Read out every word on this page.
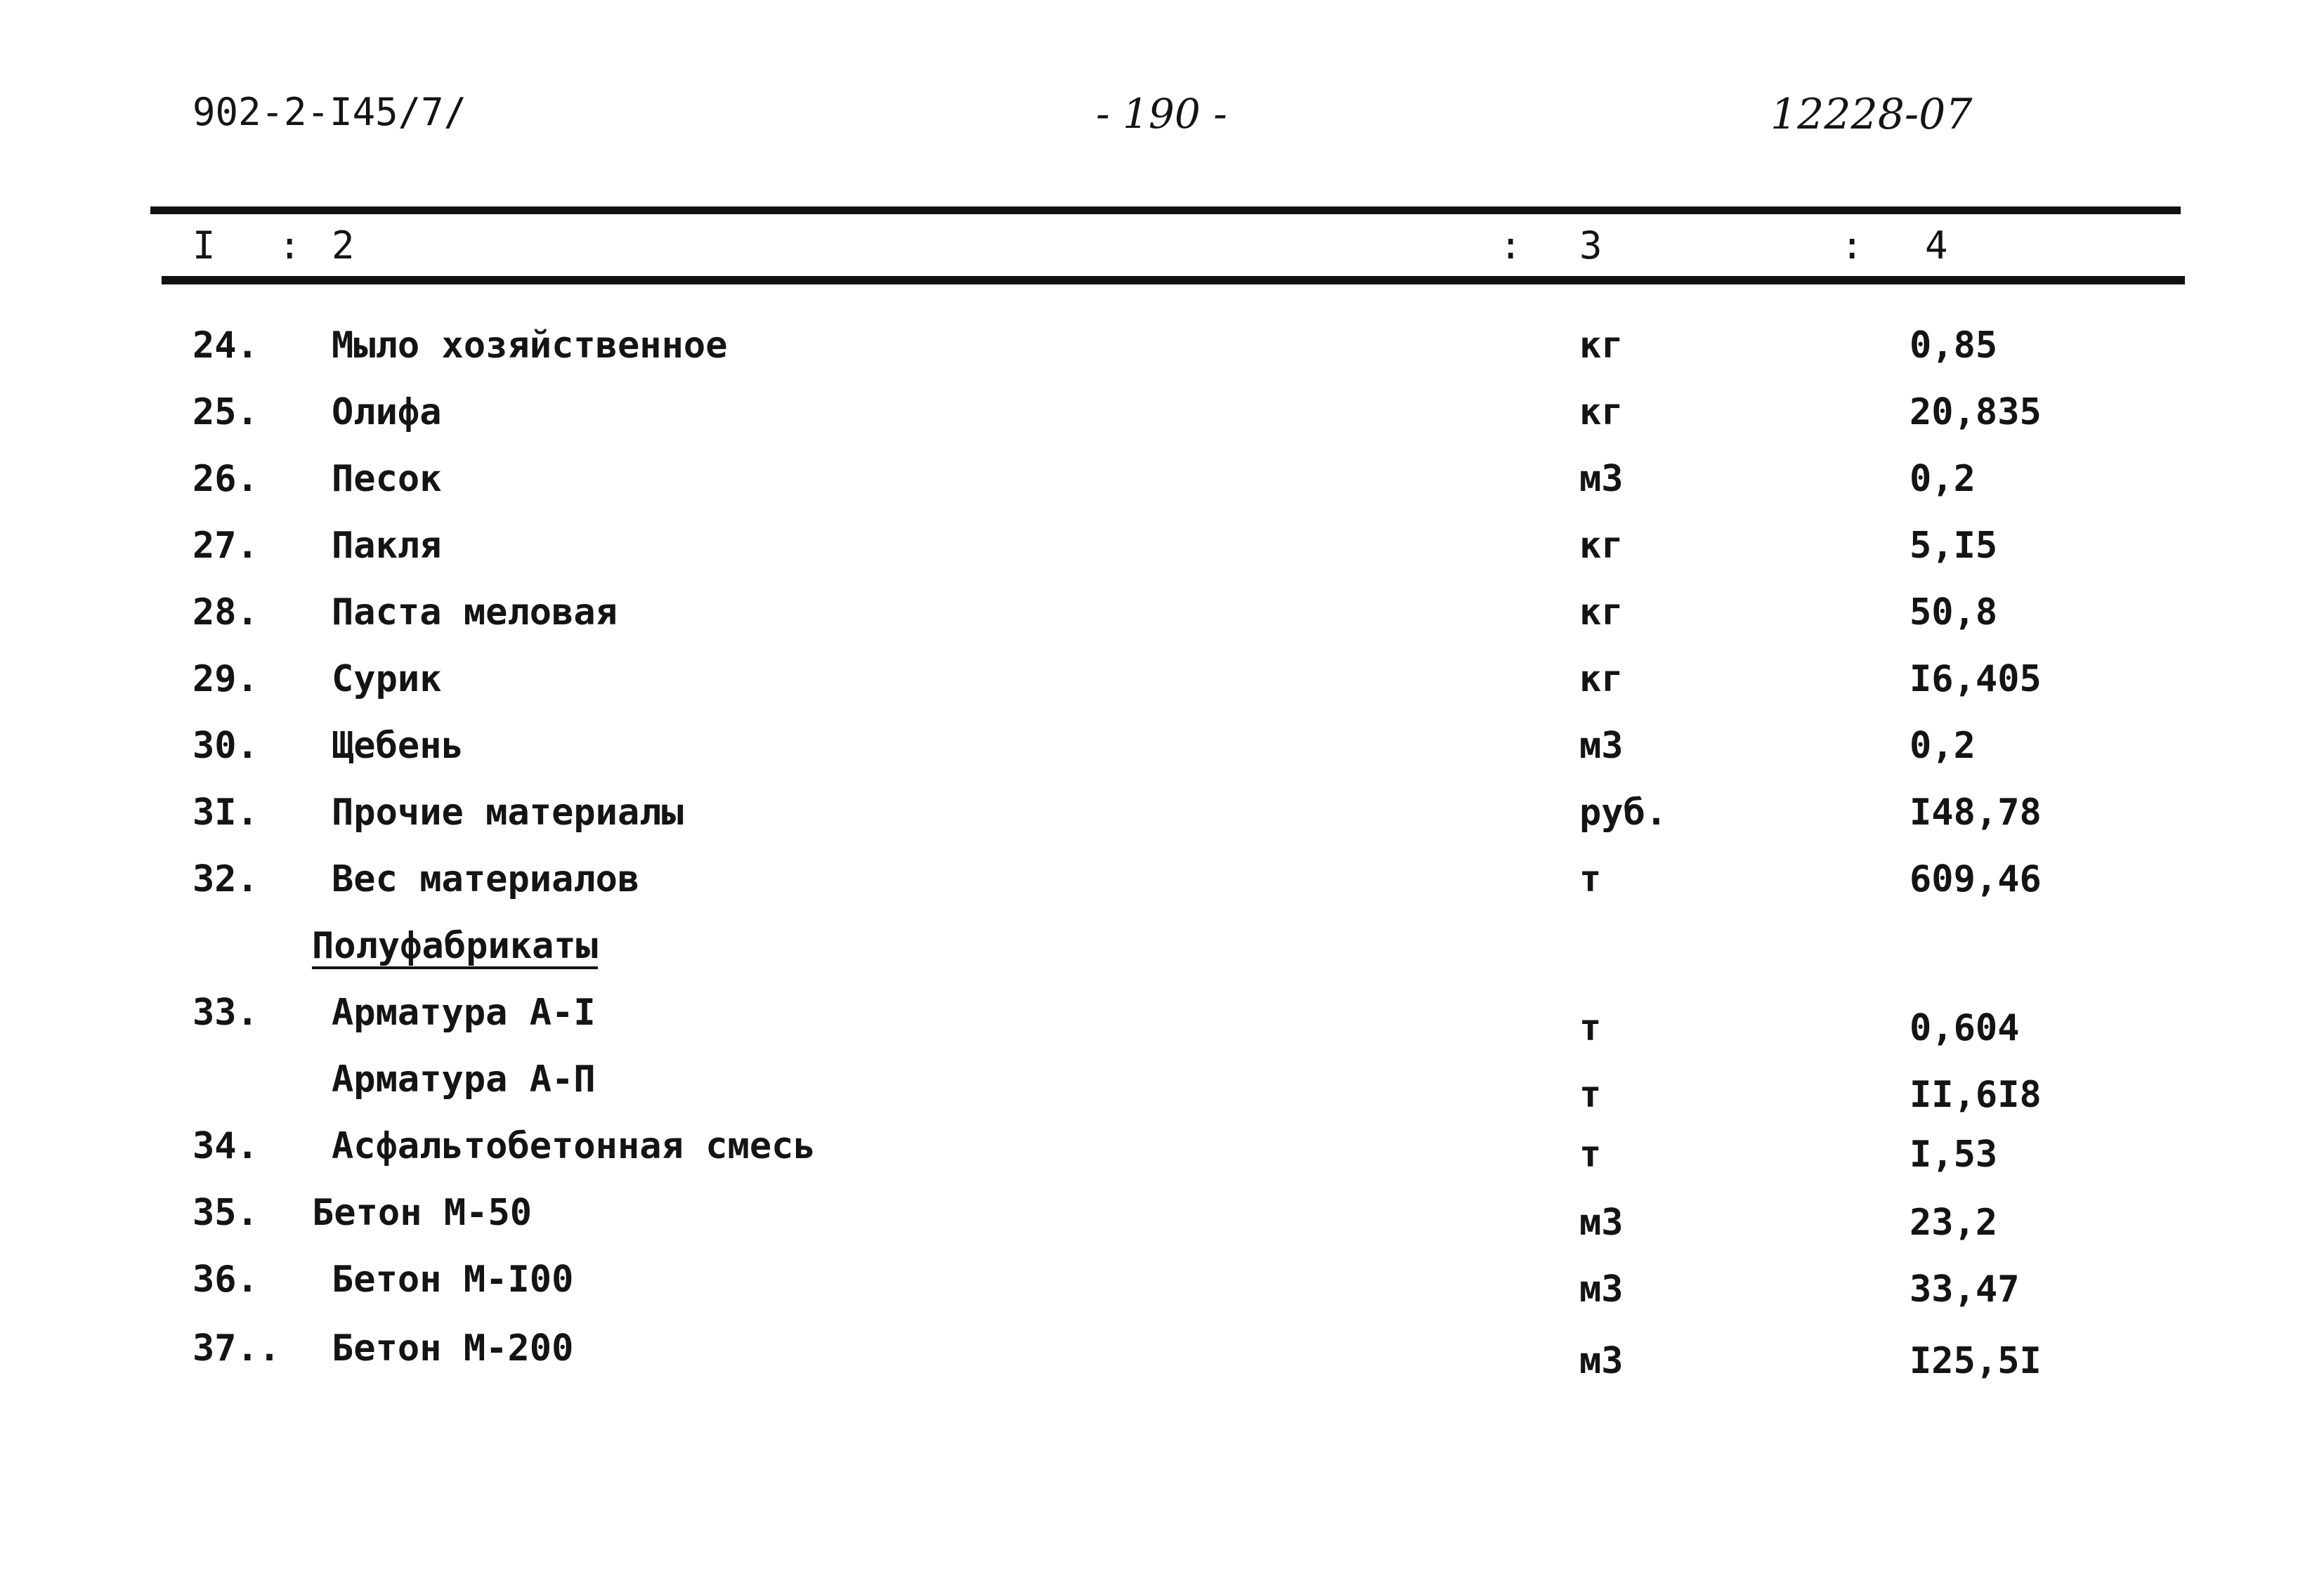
902-2-I45/7/	- 190 -	12228-07
I : 2	: 3	: 4
24. Мыло хозяйственное	кг	0,85
25. Олифа	кг	20,835
26. Песок	м3	0,2
27. Пакля	кг	5,I5
28. Паста меловая	кг	50,8
29. Сурик	кг	I6,405
30. Щебень	м3	0,2
3I. Прочие материалы	руб.	I48,78
32. Вес материалов	т	609,46
Полуфабрикаты
33. Арматура А-I	т	0,604
Арматура А-П	т	II,6I8
34. Асфальтобетонная смесь	т	I,53
35. Бетон М-50	м3	23,2
36. Бетон М-I00	м3	33,47
37.. Бетон М-200	м3	I25,5I
